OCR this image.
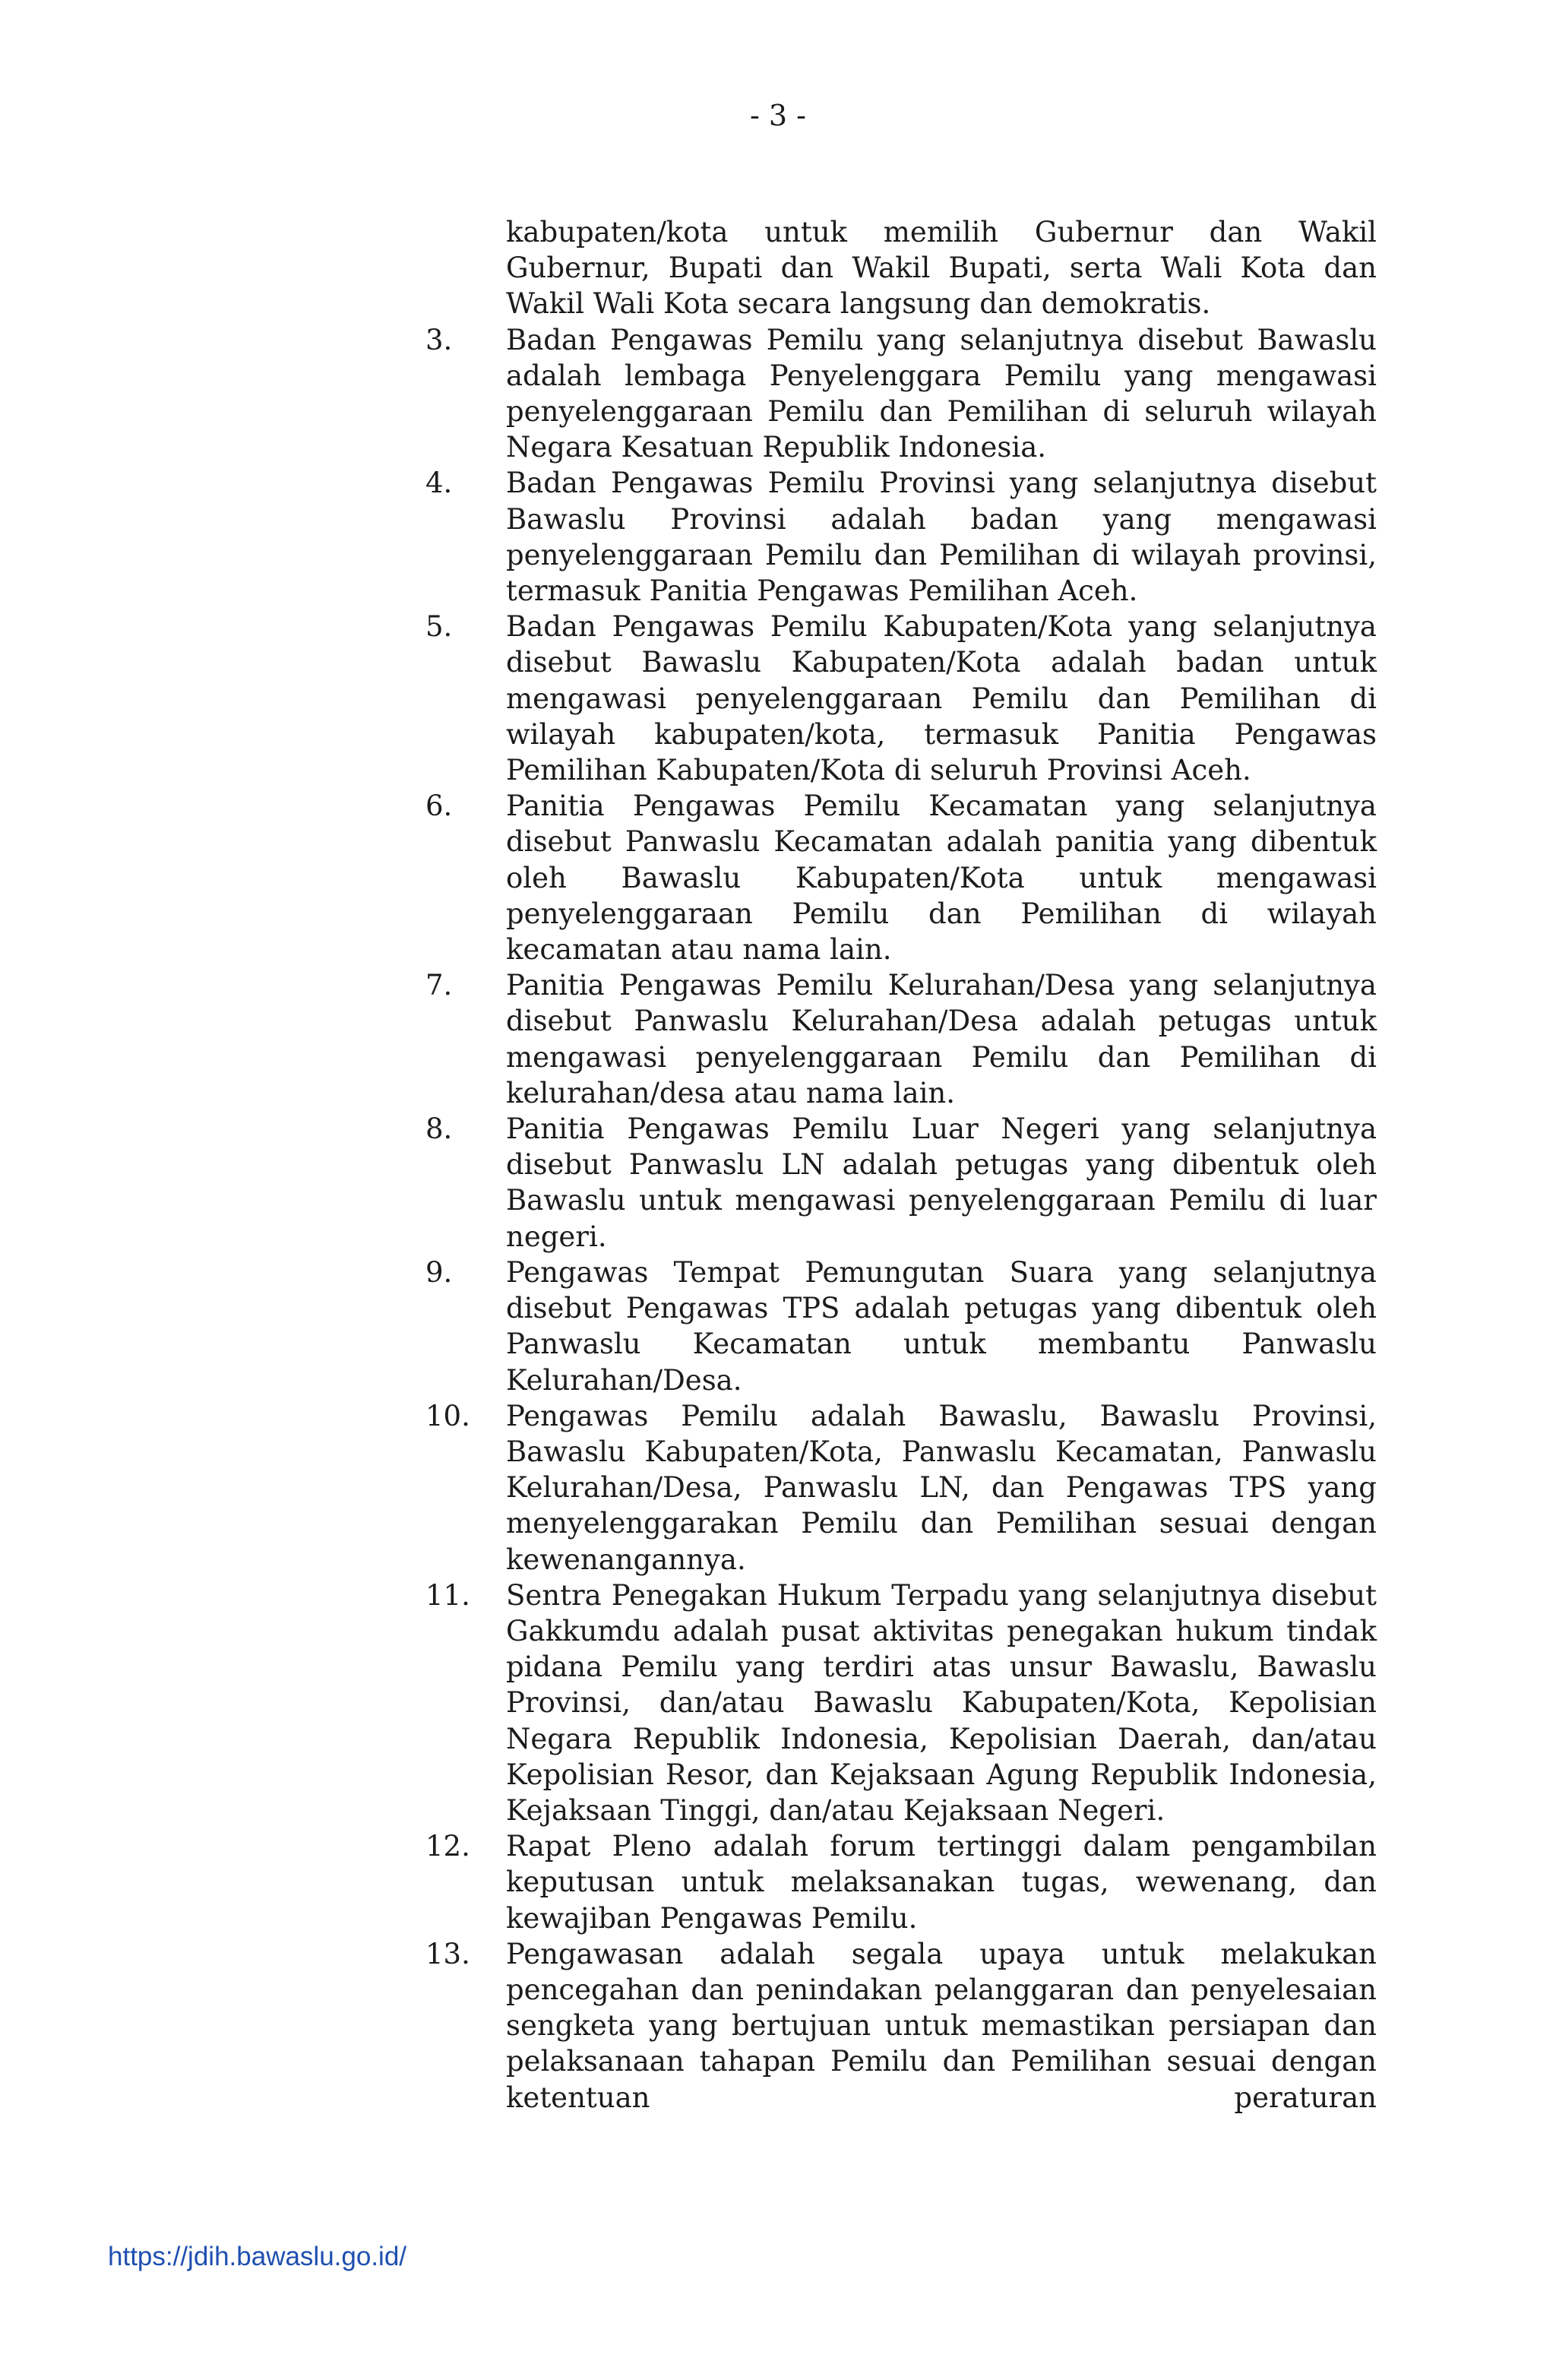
- 3 -
kabupaten/kota untuk memilih Gubernur dan Wakil Gubernur, Bupati dan Wakil Bupati, serta Wali Kota dan Wakil Wali Kota secara langsung dan demokratis.
3.	Badan Pengawas Pemilu yang selanjutnya disebut Bawaslu adalah lembaga Penyelenggara Pemilu yang mengawasi penyelenggaraan Pemilu dan Pemilihan di seluruh wilayah Negara Kesatuan Republik Indonesia.
4.	Badan Pengawas Pemilu Provinsi yang selanjutnya disebut Bawaslu Provinsi adalah badan yang mengawasi penyelenggaraan Pemilu dan Pemilihan di wilayah provinsi, termasuk Panitia Pengawas Pemilihan Aceh.
5.	Badan Pengawas Pemilu Kabupaten/Kota yang selanjutnya disebut Bawaslu Kabupaten/Kota adalah badan untuk mengawasi penyelenggaraan Pemilu dan Pemilihan di wilayah kabupaten/kota, termasuk Panitia Pengawas Pemilihan Kabupaten/Kota di seluruh Provinsi Aceh.
6.	Panitia Pengawas Pemilu Kecamatan yang selanjutnya disebut Panwaslu Kecamatan adalah panitia yang dibentuk oleh Bawaslu Kabupaten/Kota untuk mengawasi penyelenggaraan Pemilu dan Pemilihan di wilayah kecamatan atau nama lain.
7.	Panitia Pengawas Pemilu Kelurahan/Desa yang selanjutnya disebut Panwaslu Kelurahan/Desa adalah petugas untuk mengawasi penyelenggaraan Pemilu dan Pemilihan di kelurahan/desa atau nama lain.
8.	Panitia Pengawas Pemilu Luar Negeri yang selanjutnya disebut Panwaslu LN adalah petugas yang dibentuk oleh Bawaslu untuk mengawasi penyelenggaraan Pemilu di luar negeri.
9.	Pengawas Tempat Pemungutan Suara yang selanjutnya disebut Pengawas TPS adalah petugas yang dibentuk oleh Panwaslu Kecamatan untuk membantu Panwaslu Kelurahan/Desa.
10.	Pengawas Pemilu adalah Bawaslu, Bawaslu Provinsi, Bawaslu Kabupaten/Kota, Panwaslu Kecamatan, Panwaslu Kelurahan/Desa, Panwaslu LN, dan Pengawas TPS yang menyelenggarakan Pemilu dan Pemilihan sesuai dengan kewenangannya.
11.	Sentra Penegakan Hukum Terpadu yang selanjutnya disebut Gakkumdu adalah pusat aktivitas penegakan hukum tindak pidana Pemilu yang terdiri atas unsur Bawaslu, Bawaslu Provinsi, dan/atau Bawaslu Kabupaten/Kota, Kepolisian Negara Republik Indonesia, Kepolisian Daerah, dan/atau Kepolisian Resor, dan Kejaksaan Agung Republik Indonesia, Kejaksaan Tinggi, dan/atau Kejaksaan Negeri.
12.	Rapat Pleno adalah forum tertinggi dalam pengambilan keputusan untuk melaksanakan tugas, wewenang, dan kewajiban Pengawas Pemilu.
13.	Pengawasan adalah segala upaya untuk melakukan pencegahan dan penindakan pelanggaran dan penyelesaian sengketa yang bertujuan untuk memastikan persiapan dan pelaksanaan tahapan Pemilu dan Pemilihan sesuai dengan ketentuan peraturan
https://jdih.bawaslu.go.id/
